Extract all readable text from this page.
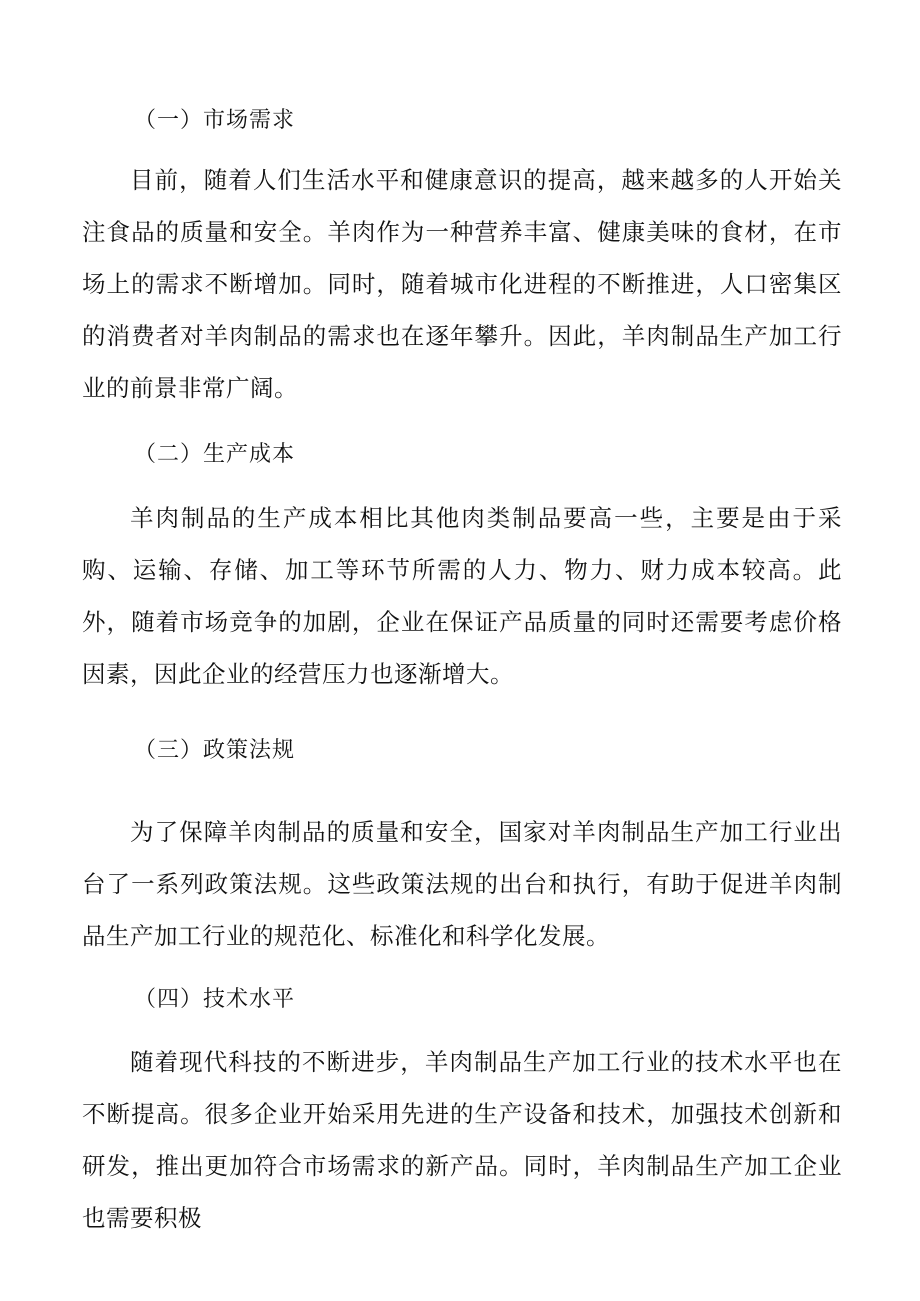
（一）市场需求

目前，随着人们生活水平和健康意识的提高，越来越多的人开始关注食品的质量和安全。羊肉作为一种营养丰富、健康美味的食材，在市场上的需求不断增加。同时，随着城市化进程的不断推进，人口密集区的消费者对羊肉制品的需求也在逐年攀升。因此，羊肉制品生产加工行业的前景非常广阔。

（二）生产成本

羊肉制品的生产成本相比其他肉类制品要高一些，主要是由于采购、运输、存储、加工等环节所需的人力、物力、财力成本较高。此外，随着市场竞争的加剧，企业在保证产品质量的同时还需要考虑价格因素，因此企业的经营压力也逐渐增大。

（三）政策法规

为了保障羊肉制品的质量和安全，国家对羊肉制品生产加工行业出台了一系列政策法规。这些政策法规的出台和执行，有助于促进羊肉制品生产加工行业的规范化、标准化和科学化发展。

（四）技术水平

随着现代科技的不断进步，羊肉制品生产加工行业的技术水平也在不断提高。很多企业开始采用先进的生产设备和技术，加强技术创新和研发，推出更加符合市场需求的新产品。同时，羊肉制品生产加工企业也需要积极
